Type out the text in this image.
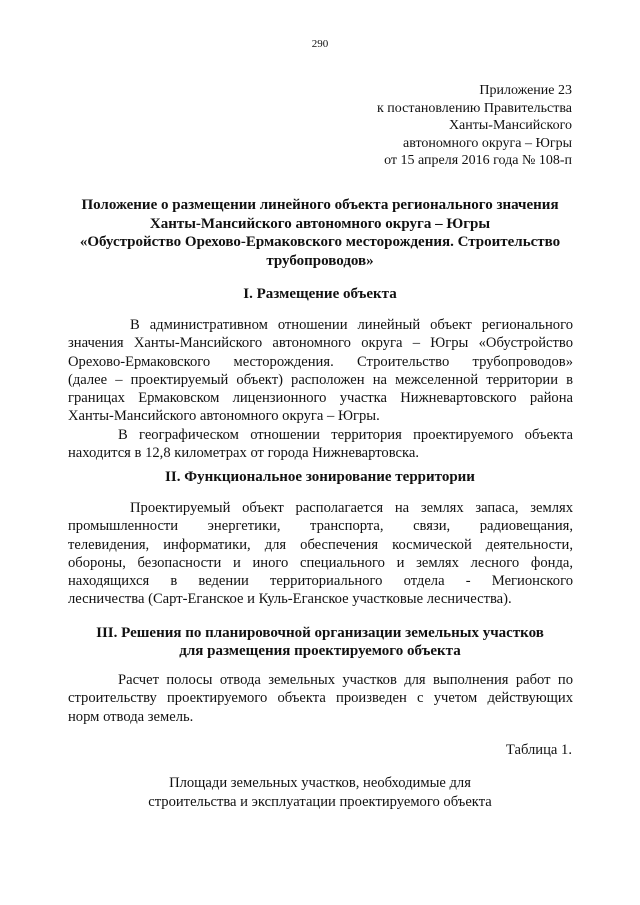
290
Приложение 23
к постановлению Правительства
Ханты-Мансийского
автономного округа – Югры
от 15 апреля 2016 года № 108-п
Положение о размещении линейного объекта регионального значения
Ханты-Мансийского автономного округа – Югры
«Обустройство Орехово-Ермаковского месторождения. Строительство
трубопроводов»
I. Размещение объекта
В административном отношении линейный объект регионального
значения Ханты-Мансийского автономного округа – Югры «Обустройство
Орехово-Ермаковского месторождения. Строительство трубопроводов»
(далее – проектируемый объект) расположен на межселенной территории в
границах Ермаковском лицензионного участка Нижневартовского района
Ханты-Мансийского автономного округа – Югры.
В географическом отношении территория проектируемого объекта
находится в 12,8 километрах от города Нижневартовска.
II. Функциональное зонирование территории
Проектируемый объект располагается на землях запаса, землях
промышленности энергетики, транспорта, связи, радиовещания,
телевидения, информатики, для обеспечения космической деятельности,
обороны, безопасности и иного специального и землях лесного фонда,
находящихся в ведении территориального отдела - Мегионского
лесничества (Сарт-Еганское и Куль-Еганское участковые лесничества).
III. Решения по планировочной организации земельных участков
для размещения проектируемого объекта
Расчет полосы отвода земельных участков для выполнения работ по
строительству проектируемого объекта произведен с учетом действующих
норм отвода земель.
Таблица 1.
Площади земельных участков, необходимые для
строительства и эксплуатации проектируемого объекта
